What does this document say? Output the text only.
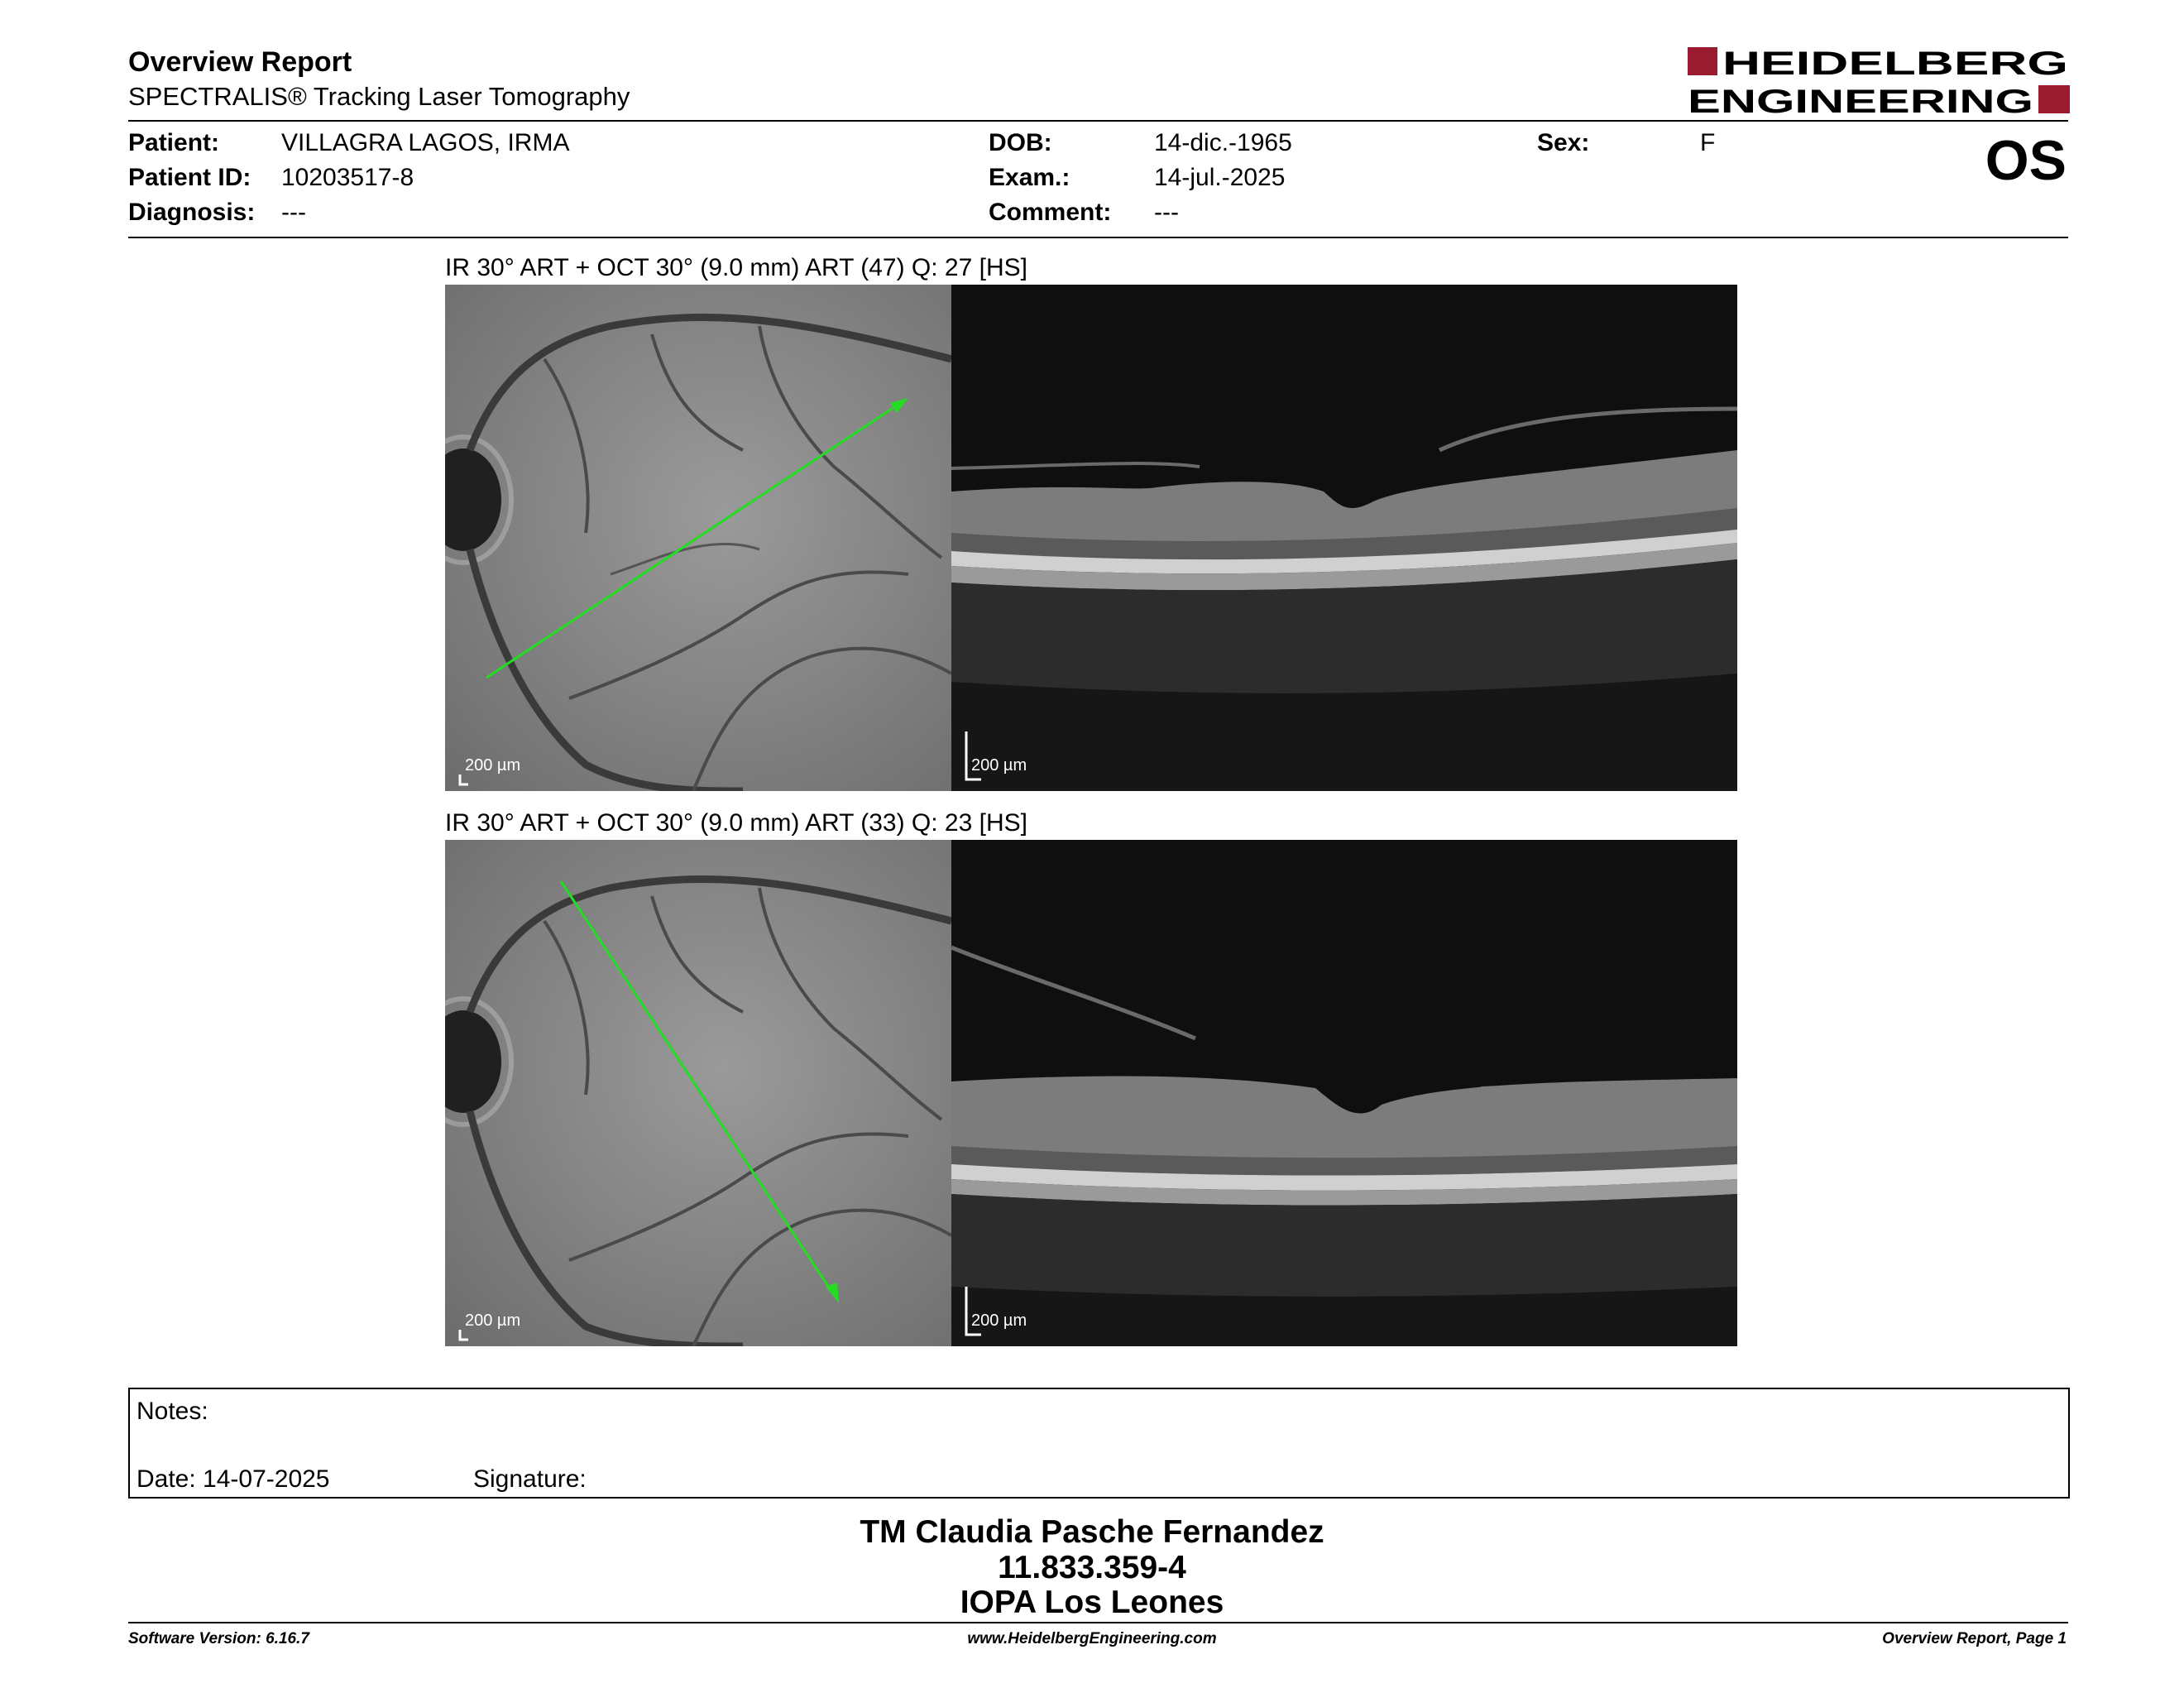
Overview Report
SPECTRALIS® Tracking Laser Tomography
HEIDELBERG
ENGINEERING
Patient: VILLAGRA LAGOS, IRMA
Patient ID: 10203517-8
Diagnosis: ---
DOB:	14-dic.-1965
Exam.:	14-jul.-2025
Comment: ---
Sex:	F	OS
IR 30° ART + OCT 30° (9.0 mm) ART (47) Q: 27 [HS]
200 µm	200 µm
IR 30° ART + OCT 30° (9.0 mm) ART (33) Q: 23 [HS]
200 µm	200 µm
Notes:
Date: 14-07-2025	Signature:
TM Claudia Pasche Fernandez
11.833.359-4
IOPA Los Leones
Software Version: 6.16.7	www.HeidelbergEngineering.com	Overview Report, Page 1
